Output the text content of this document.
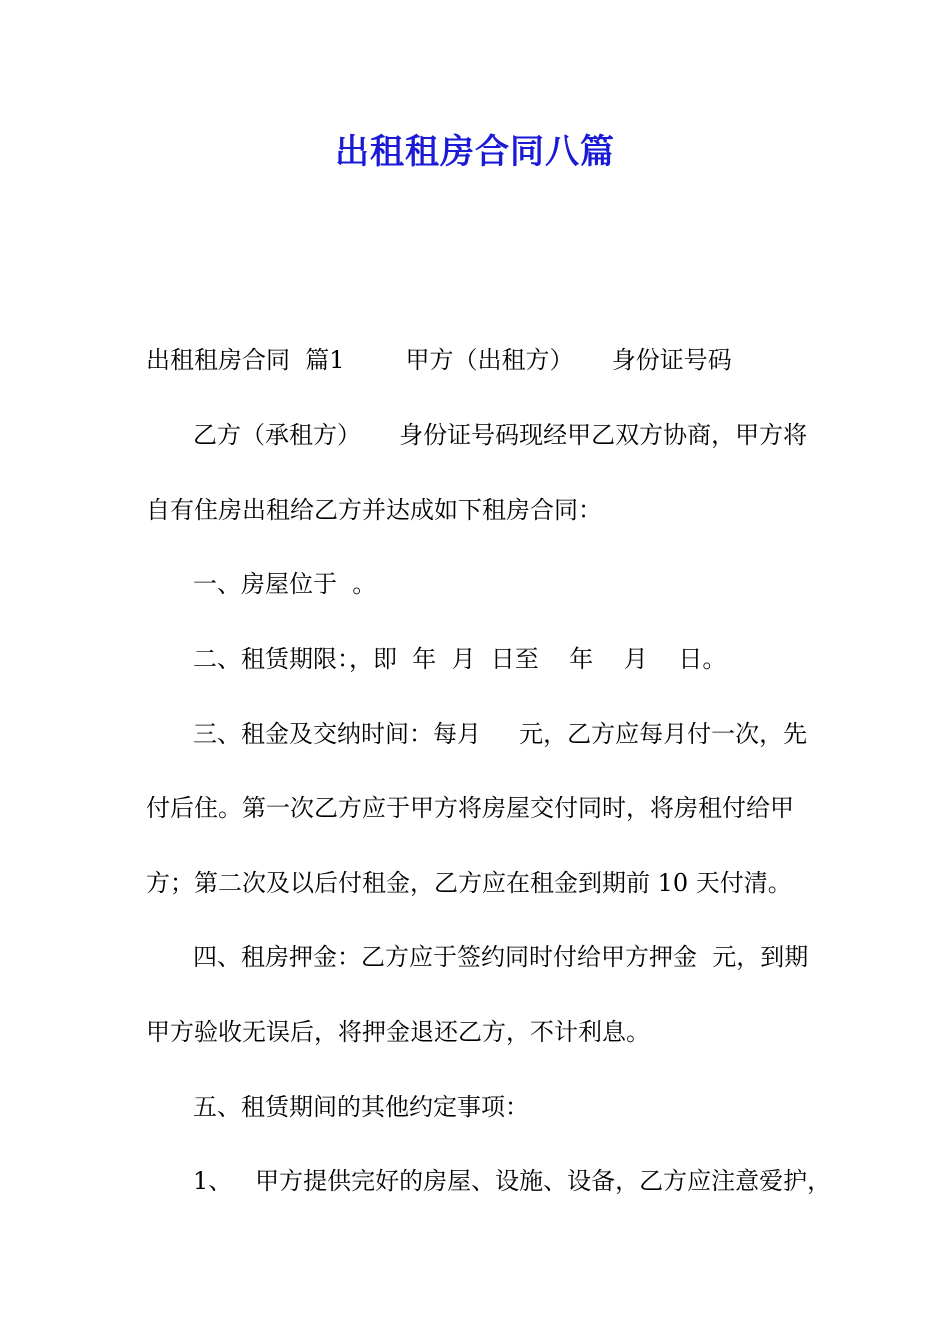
出租租房合同八篇
出租租房合同  篇1        甲方（出租方）     身份证号码
乙方（承租方）     身份证号码现经甲乙双方协商，甲方将
自有住房出租给乙方并达成如下租房合同：
一、房屋位于  。
二、租赁期限：，即  年  月  日至    年    月    日。
三、租金及交纳时间：每月     元，乙方应每月付一次，先
付后住。第一次乙方应于甲方将房屋交付同时，将房租付给甲
方；第二次及以后付租金，乙方应在租金到期前 10 天付清。
四、租房押金：乙方应于签约同时付给甲方押金  元，到期
甲方验收无误后，将押金退还乙方，不计利息。
五、租赁期间的其他约定事项：
1、   甲方提供完好的房屋、设施、设备，乙方应注意爱护，
